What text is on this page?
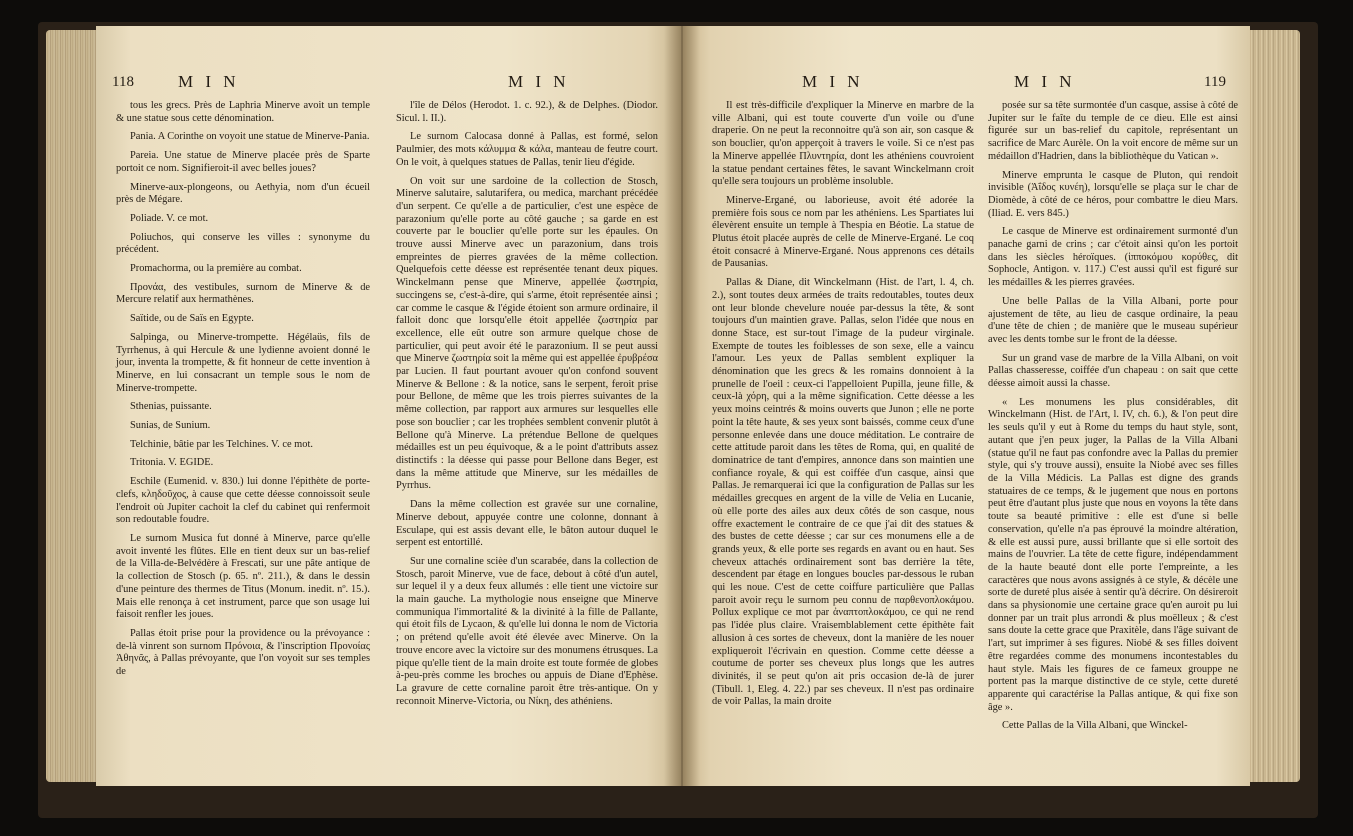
118	M I N	M I N

tous les grecs. Près de Laphria Minerve avoit un temple & une statue sous cette dénomination.

Pania. A Corinthe on voyoit une statue de Minerve-Pania.

Pareia. Une statue de Minerve placée près de Sparte portoit ce nom. Signifieroit-il avec belles joues?

Minerve-aux-plongeons, ou Aethyia, nom d'un écueil près de Mégare.

Poliade. V. ce mot.

Poliuchos, qui conserve les villes : synonyme du précédent.

Promachorma, ou la première au combat.

Προνάα, des vestibules, surnom de Minerve & de Mercure relatif aux hermathènes.

Saïtide, ou de Saïs en Egypte.

Salpinga, ou Minerve-trompette. Hégélaüs, fils de Tyrrhenus, à qui Hercule & une lydienne avoient donné le jour, inventa la trompette, & fit honneur de cette invention à Minerve, en lui consacrant un temple sous le nom de Minerve-trompette.

Sthenias, puissante.

Sunias, de Sunium.

Telchinie, bâtie par les Telchines. V. ce mot.

Tritonia. V. EGIDE.

Eschile (Eumenid. v. 830.) lui donne l'épithète de porte-clefs, κληδοῦχος, à cause que cette déesse connoissoit seule l'endroit où Jupiter cachoit la clef du cabinet qui renfermoit son redoutable foudre.

Le surnom Musica fut donné à Minerve, parce qu'elle avoit inventé les flûtes. Elle en tient deux sur un bas-relief de la Villa-de-Belvédère à Frescati, sur une pâte antique de la collection de Stosch (p. 65. nº. 211.), & dans le dessin d'une peinture des thermes de Titus (Monum. inedit. nº. 15.). Mais elle renonça à cet instrument, parce que son usage lui faisoit renfler les joues.

Pallas étoit prise pour la providence ou la prévoyance : de-là vinrent son surnom Πρόνοια, & l'inscription Προνοίας Ἀθηνᾶς, à Pallas prévoyante, que l'on voyoit sur ses temples de

l'île de Délos (Herodot. 1. c. 92.), & de Delphes. (Diodor. Sicul. l. II.).

Le surnom Calocasa donné à Pallas, est formé, selon Paulmier, des mots κάλυμμα & κάλα, manteau de feutre court. On le voit, à quelques statues de Pallas, tenir lieu d'égide.

On voit sur une sardoine de la collection de Stosch, Minerve salutaire, salutarifera, ou medica, marchant précédée d'un serpent. Ce qu'elle a de particulier, c'est une espèce de parazonium qu'elle porte au côté gauche ; sa garde en est couverte par le bouclier qu'elle porte sur les épaules. On trouve aussi Minerve avec un parazonium, dans trois empreintes de pierres gravées de la même collection. Quelquefois cette déesse est représentée tenant deux piques. Winckelmann pense que Minerve, appellée ζωστηρία, succingens se, c'est-à-dire, qui s'arme, étoit représentée ainsi ; car comme le casque & l'égide étoient son armure ordinaire, il falloit donc que lorsqu'elle étoit appellée ζωστηρία par excellence, elle eût outre son armure quelque chose de particulier, qui peut avoir été le parazonium. Il se peut aussi que Minerve ζωστηρία soit la même qui est appellée ἐρυβρέσα par Lucien. Il faut pourtant avouer qu'on confond souvent Minerve & Bellone : & la notice, sans le serpent, feroit prise pour Bellone, de même que les trois pierres suivantes de la même collection, par rapport aux armures sur lesquelles elle pose son bouclier ; car les trophées semblent convenir plutôt à Bellone qu'à Minerve. La prétendue Bellone de quelques médailles est un peu équivoque, & a le point d'attributs assez distinctifs : la déesse qui passe pour Bellone dans Beger, est dans la même attitude que Minerve, sur les médailles de Pyrrhus.

Dans la même collection est gravée sur une cornaline, Minerve debout, appuyée contre une colonne, donnant à Esculape, qui est assis devant elle, le bâton autour duquel le serpent est entortillé.

Sur une cornaline scièe d'un scarabée, dans la collection de Stosch, paroit Minerve, vue de face, debout à côté d'un autel, sur lequel il y a deux feux allumés : elle tient une victoire sur la main gauche. La mythologie nous enseigne que Minerve communiqua l'immortalité & la divinité à la fille de Pallante, qui étoit fils de Lycaon, & qu'elle lui donna le nom de Victoria ; on prétend qu'elle avoit été élevée avec Minerve. On la trouve encore avec la victoire sur des monumens étrusques. La pique qu'elle tient de la main droite est toute formée de globes à-peu-près comme les broches ou appuis de Diane d'Ephèse. La gravure de cette cornaline paroit être très-antique. On y reconnoit Minerve-Victoria, ou Νίκη, des athéniens.

M I N	M I N	119

Il est très-difficile d'expliquer la Minerve en marbre de la ville Albani, qui est toute couverte d'un voile ou d'une draperie. On ne peut la reconnoitre qu'à son air, son casque & son bouclier, qu'on apperçoit à travers le voile. Si ce n'est pas la Minerve appellée Πλυντηρία, dont les athéniens couvroient la statue pendant certaines fêtes, le savant Winckelmann croit qu'elle sera toujours un problème insoluble.

Minerve-Ergané, ou laborieuse, avoit été adorée la première fois sous ce nom par les athéniens. Les Spartiates lui élevèrent ensuite un temple à Thespia en Béotie. La statue de Plutus étoit placée auprès de celle de Minerve-Ergané. Le coq étoit consacré à Minerve-Ergané. Nous apprenons ces détails de Pausanias.

Pallas & Diane, dit Winckelmann (Hist. de l'art, l. 4, ch. 2.), sont toutes deux armées de traits redoutables, toutes deux ont leur blonde chevelure nouée par-dessus la tête, & sont toujours d'un maintien grave. Pallas, selon l'idée que nous en donne Stace, est sur-tout l'image de la pudeur virginale. Exempte de toutes les foiblesses de son sexe, elle a vaincu l'amour. Les yeux de Pallas semblent expliquer la dénomination que les grecs & les romains donnoient à la prunelle de l'oeil : ceux-ci l'appelloient Pupilla, jeune fille, & ceux-là χόρη, qui a la même signification. Cette déesse a les yeux moins ceintrés & moins ouverts que Junon ; elle ne porte point la tête haute, & ses yeux sont baissés, comme ceux d'une personne enlevée dans une douce méditation. Le contraire de cette attitude paroit dans les têtes de Roma, qui, en qualité de dominatrice de tant d'empires, annonce dans son maintien une confiance royale, & qui est coiffée d'un casque, ainsi que Pallas. Je remarquerai ici que la configuration de Pallas sur les médailles grecques en argent de la ville de Velia en Lucanie, où elle porte des ailes aux deux côtés de son casque, nous offre exactement le contraire de ce que j'ai dit des statues & des bustes de cette déesse ; car sur ces monumens elle a de grands yeux, & elle porte ses regards en avant ou en haut. Ses cheveux attachés ordinairement sont bas derrière la tête, descendent par étage en longues boucles par-dessous le ruban qui les noue. C'est de cette coiffure particulière que Pallas paroit avoir reçu le surnom peu connu de παρθενοπλοκάμου. Pollux explique ce mot par ἀναπτοπλοκάμου, ce qui ne rend pas l'idée plus claire. Vraisemblablement cette épithète fait allusion à ces sortes de cheveux, dont la manière de les nouer expliqueroit l'écrivain en question. Comme cette déesse a coutume de porter ses cheveux plus longs que les autres divinités, il se peut qu'on ait pris occasion de-là de jurer (Tibull. 1, Eleg. 4. 22.) par ses cheveux. Il n'est pas ordinaire de voir Pallas, la main droite

posée sur sa tête surmontée d'un casque, assise à côté de Jupiter sur le faîte du temple de ce dieu. Elle est ainsi figurée sur un bas-relief du capitole, représentant un sacrifice de Marc Aurèle. On la voit encore de même sur un médaillon d'Hadrien, dans la bibliothèque du Vatican ».

Minerve emprunta le casque de Pluton, qui rendoit invisible (Ἀΐδος κυνέη), lorsqu'elle se plaça sur le char de Diomède, à côté de ce héros, pour combattre le dieu Mars. (Iliad. E. vers 845.)

Le casque de Minerve est ordinairement surmonté d'un panache garni de crins ; car c'étoit ainsi qu'on les portoit dans les siècles héroïques. (ἱπποκόμου κορύθες, dit Sophocle, Antigon. v. 117.) C'est aussi qu'il est figuré sur les médailles & les pierres gravées.

Une belle Pallas de la Villa Albani, porte pour ajustement de tête, au lieu de casque ordinaire, la peau d'une tête de chien ; de manière que le museau supérieur avec les dents tombe sur le front de la déesse.

Sur un grand vase de marbre de la Villa Albani, on voit Pallas chasseresse, coiffée d'un chapeau : on sait que cette déesse aimoit aussi la chasse.

« Les monumens les plus considérables, dit Winckelmann (Hist. de l'Art, l. IV, ch. 6.), & l'on peut dire les seuls qu'il y eut à Rome du temps du haut style, sont, autant que j'en peux juger, la Pallas de la Villa Albani (statue qu'il ne faut pas confondre avec la Pallas du premier style, qui s'y trouve aussi), ensuite la Niobé avec ses filles de la Villa Médicis. La Pallas est digne des grands statuaires de ce temps, & le jugement que nous en portons peut être d'autant plus juste que nous en voyons la tête dans toute sa beauté primitive : elle est d'une si belle conservation, qu'elle n'a pas éprouvé la moindre altération, & elle est aussi pure, aussi brillante que si elle sortoit des mains de l'ouvrier. La tête de cette figure, indépendamment de la haute beauté dont elle porte l'empreinte, a les caractères que nous avons assignés à ce style, & décèle une sorte de dureté plus aisée à sentir qu'à décrire. On désireroit dans sa physionomie une certaine grace qu'en auroit pu lui donner par un trait plus arrondi & plus moëlleux ; & c'est sans doute la cette grace que Praxitèle, dans l'âge suivant de l'art, sut imprimer à ses figures. Niobé & ses filles doivent être regardées comme des monumens incontestables du haut style. Mais les figures de ce fameux grouppe ne portent pas la marque distinctive de ce style, cette dureté apparente qui caractérise la Pallas antique, & qui fixe son âge ».

Cette Pallas de la Villa Albani, que Winckel-
